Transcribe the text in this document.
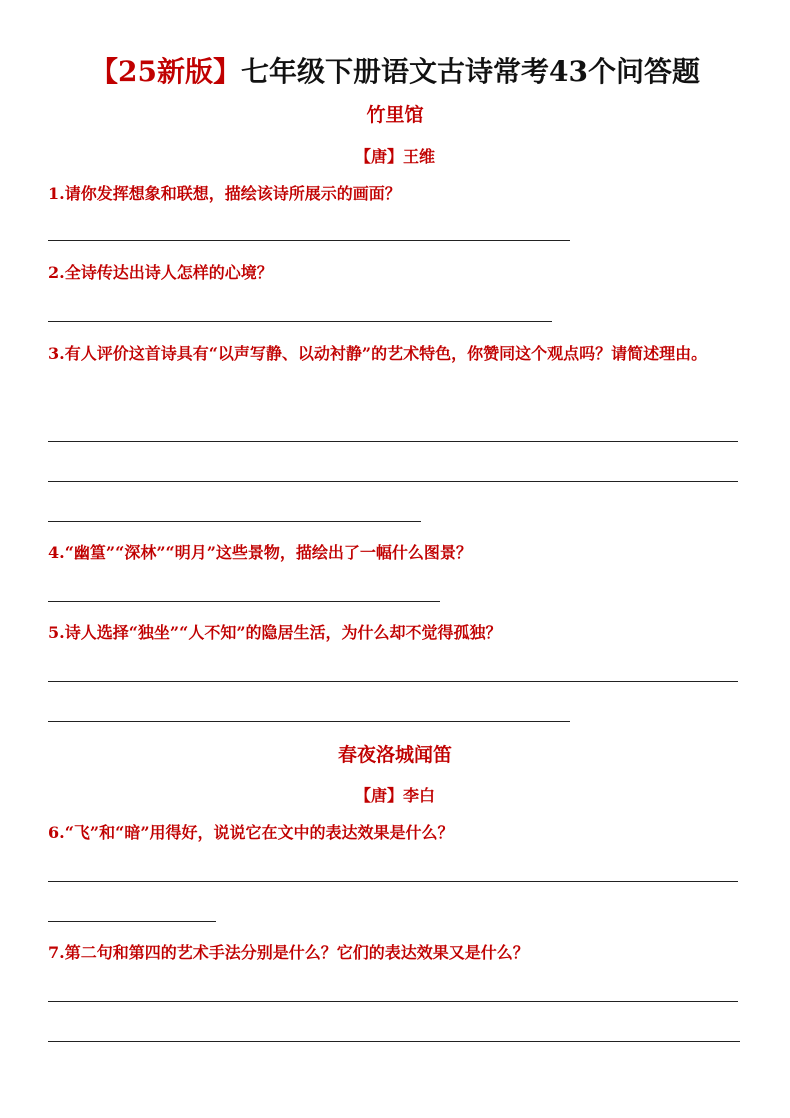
【25新版】七年级下册语文古诗常考43个问答题
竹里馆
【唐】王维
1.请你发挥想象和联想，描绘该诗所展示的画面？
2.全诗传达出诗人怎样的心境？
3.有人评价这首诗具有“以声写静、以动衬静”的艺术特色，你赞同这个观点吗？请简述理由。
4.“幽篁”“深林”“明月”这些景物，描绘出了一幅什么图景？
5.诗人选择“独坐”“人不知”的隐居生活，为什么却不觉得孤独？
春夜洛城闻笛
【唐】李白
6.“飞”和“暗”用得好，说说它在文中的表达效果是什么？
7.第二句和第四的艺术手法分别是什么？它们的表达效果又是什么？
